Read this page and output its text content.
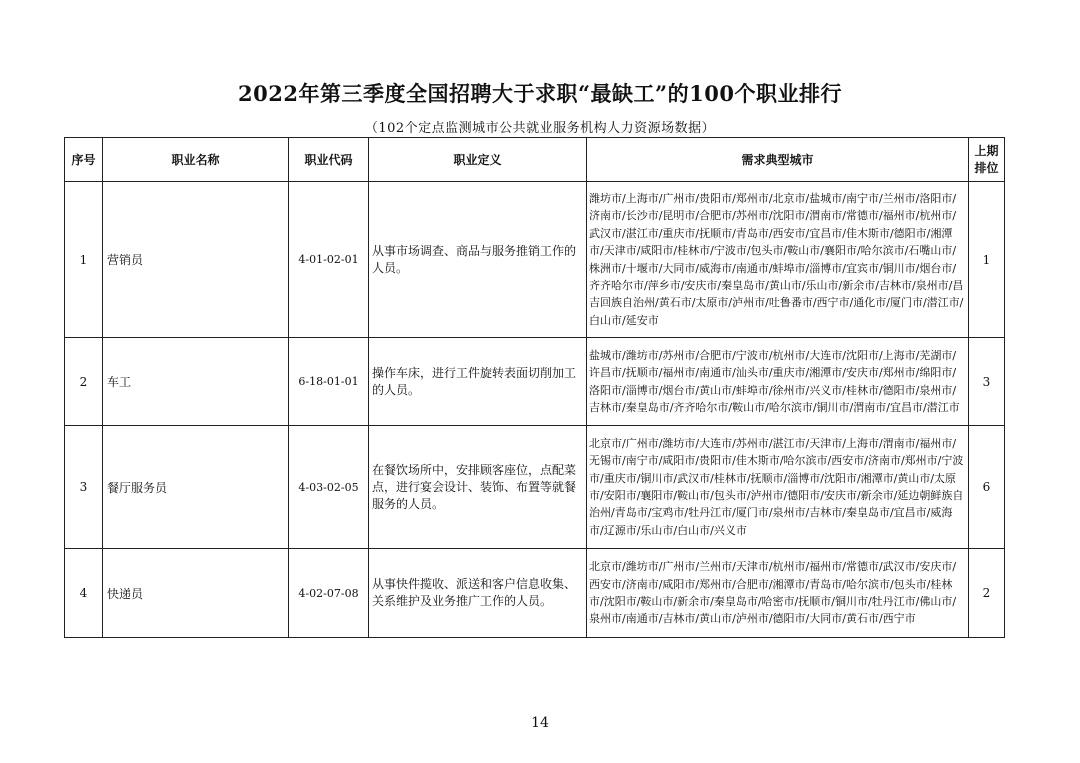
2022年第三季度全国招聘大于求职“最缺工”的100个职业排行
（102个定点监测城市公共就业服务机构人力资源场数据）
序号	职业名称	职业代码	职业定义	需求典型城市	上期排位
1	营销员	4-01-02-01	从事市场调查、商品与服务推销工作的人员。	潍坊市/上海市/广州市/贵阳市/郑州市/北京市/盐城市/南宁市/兰州市/洛阳市/济南市/长沙市/昆明市/合肥市/苏州市/沈阳市/渭南市/常德市/福州市/杭州市/武汉市/湛江市/重庆市/抚顺市/青岛市/西安市/宜昌市/佳木斯市/德阳市/湘潭市/天津市/咸阳市/桂林市/宁波市/包头市/鞍山市/襄阳市/哈尔滨市/石嘴山市/株洲市/十堰市/大同市/威海市/南通市/蚌埠市/淄博市/宜宾市/铜川市/烟台市/齐齐哈尔市/萍乡市/安庆市/秦皇岛市/黄山市/乐山市/新余市/吉林市/泉州市/昌吉回族自治州/黄石市/太原市/泸州市/吐鲁番市/西宁市/通化市/厦门市/潜江市/白山市/延安市	1
2	车工	6-18-01-01	操作车床，进行工件旋转表面切削加工的人员。	盐城市/潍坊市/苏州市/合肥市/宁波市/杭州市/大连市/沈阳市/上海市/芜湖市/许昌市/抚顺市/福州市/南通市/汕头市/重庆市/湘潭市/安庆市/郑州市/绵阳市/洛阳市/淄博市/烟台市/黄山市/蚌埠市/徐州市/兴义市/桂林市/德阳市/泉州市/吉林市/秦皇岛市/齐齐哈尔市/鞍山市/哈尔滨市/铜川市/渭南市/宜昌市/潜江市	3
3	餐厅服务员	4-03-02-05	在餐饮场所中，安排顾客座位，点配菜点，进行宴会设计、装饰、布置等就餐服务的人员。	北京市/广州市/潍坊市/大连市/苏州市/湛江市/天津市/上海市/渭南市/福州市/无锡市/南宁市/咸阳市/贵阳市/佳木斯市/哈尔滨市/西安市/济南市/郑州市/宁波市/重庆市/铜川市/武汉市/桂林市/抚顺市/淄博市/沈阳市/湘潭市/黄山市/太原市/安阳市/襄阳市/鞍山市/包头市/泸州市/德阳市/安庆市/新余市/延边朝鲜族自治州/青岛市/宝鸡市/牡丹江市/厦门市/泉州市/吉林市/秦皇岛市/宜昌市/威海市/辽源市/乐山市/白山市/兴义市	6
4	快递员	4-02-07-08	从事快件揽收、派送和客户信息收集、关系维护及业务推广工作的人员。	北京市/潍坊市/广州市/兰州市/天津市/杭州市/福州市/常德市/武汉市/安庆市/西安市/济南市/咸阳市/郑州市/合肥市/湘潭市/青岛市/哈尔滨市/包头市/桂林市/沈阳市/鞍山市/新余市/秦皇岛市/哈密市/抚顺市/铜川市/牡丹江市/佛山市/泉州市/南通市/吉林市/黄山市/泸州市/德阳市/大同市/黄石市/西宁市	2
14
